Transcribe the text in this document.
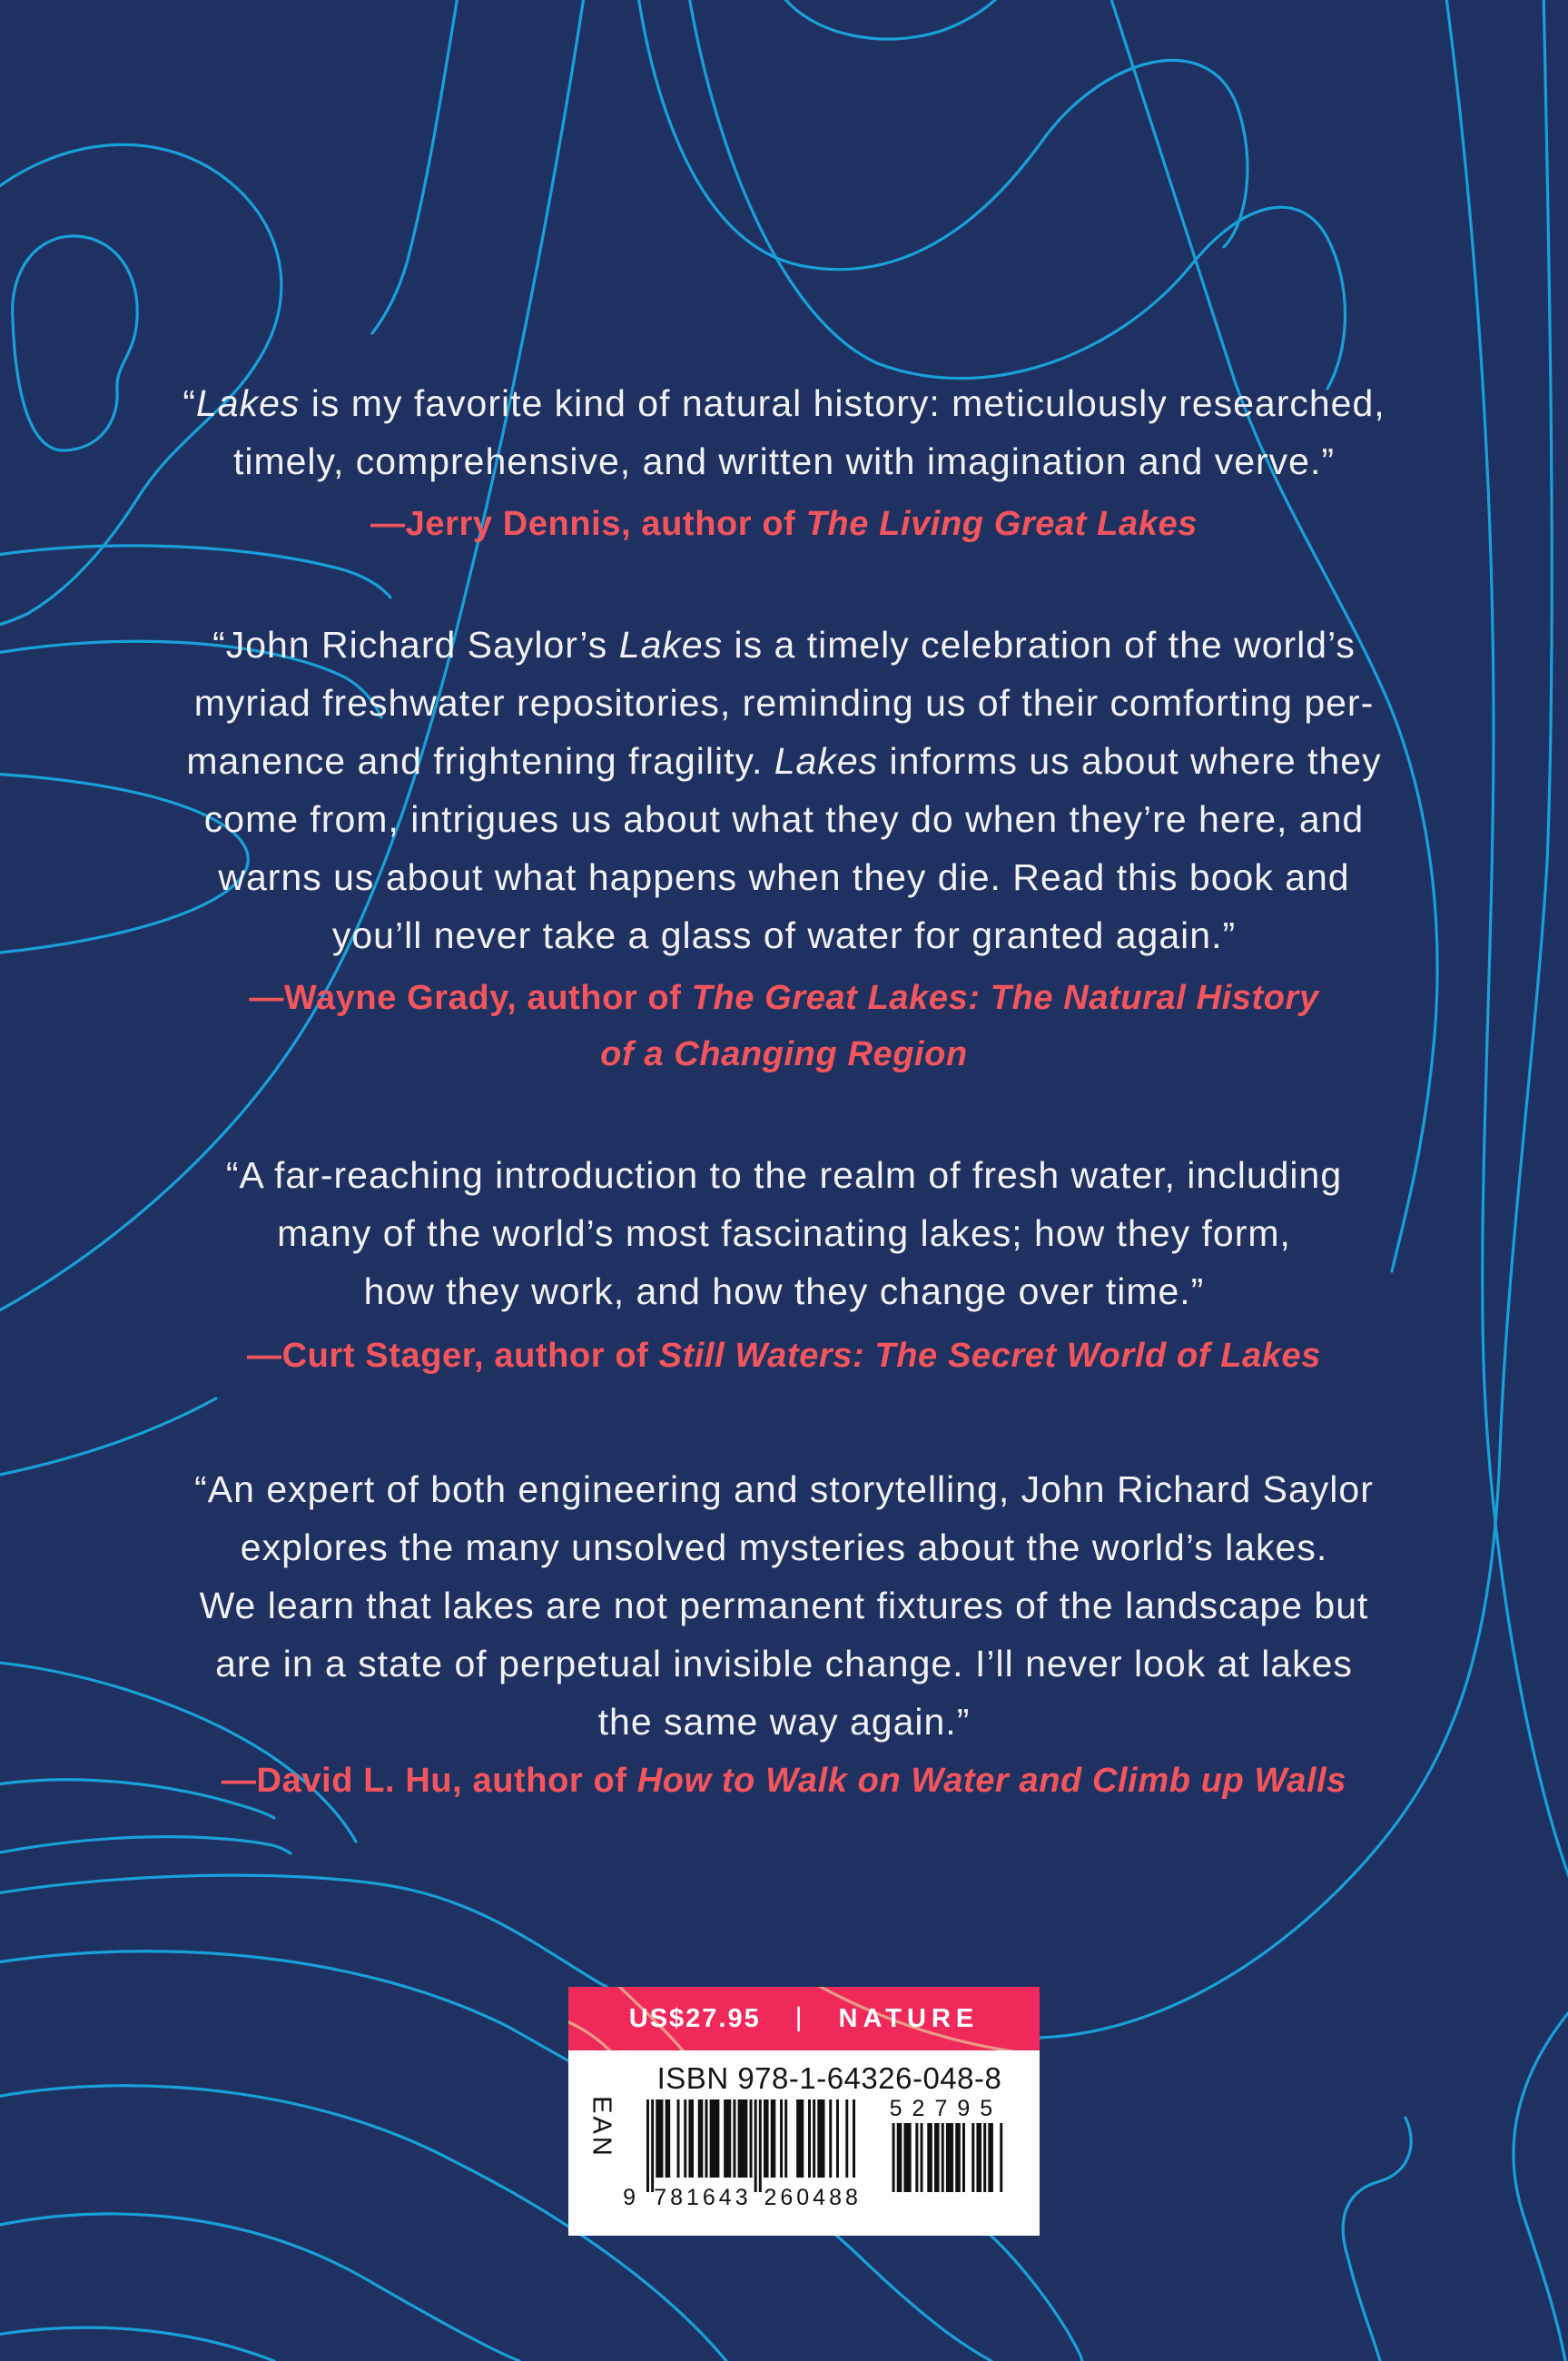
9 781643 260488
52795
“Lakes is my favorite kind of natural history: meticulously researched,
timely, comprehensive, and written with imagination and verve.”
—Jerry Dennis, author of The Living Great Lakes
“John Richard Saylor’s Lakes is a timely celebration of the world’s
myriad freshwater repositories, reminding us of their comforting per-
manence and frightening fragility. Lakes informs us about where they
come from, intrigues us about what they do when they’re here, and
warns us about what happens when they die. Read this book and
you’ll never take a glass of water for granted again.”
—Wayne Grady, author of The Great Lakes: The Natural History
of a Changing Region
“A far-reaching introduction to the realm of fresh water, including
many of the world’s most fascinating lakes; how they form,
how they work, and how they change over time.”
—Curt Stager, author of Still Waters: The Secret World of Lakes
“An expert of both engineering and storytelling, John Richard Saylor
explores the many unsolved mysteries about the world’s lakes.
We learn that lakes are not permanent fixtures of the landscape but
are in a state of perpetual invisible change. I’ll never look at lakes
the same way again.”
—David L. Hu, author of How to Walk on Water and Climb up Walls
US$27.95 | NATURE
ISBN 978-1-64326-048-8
EAN
